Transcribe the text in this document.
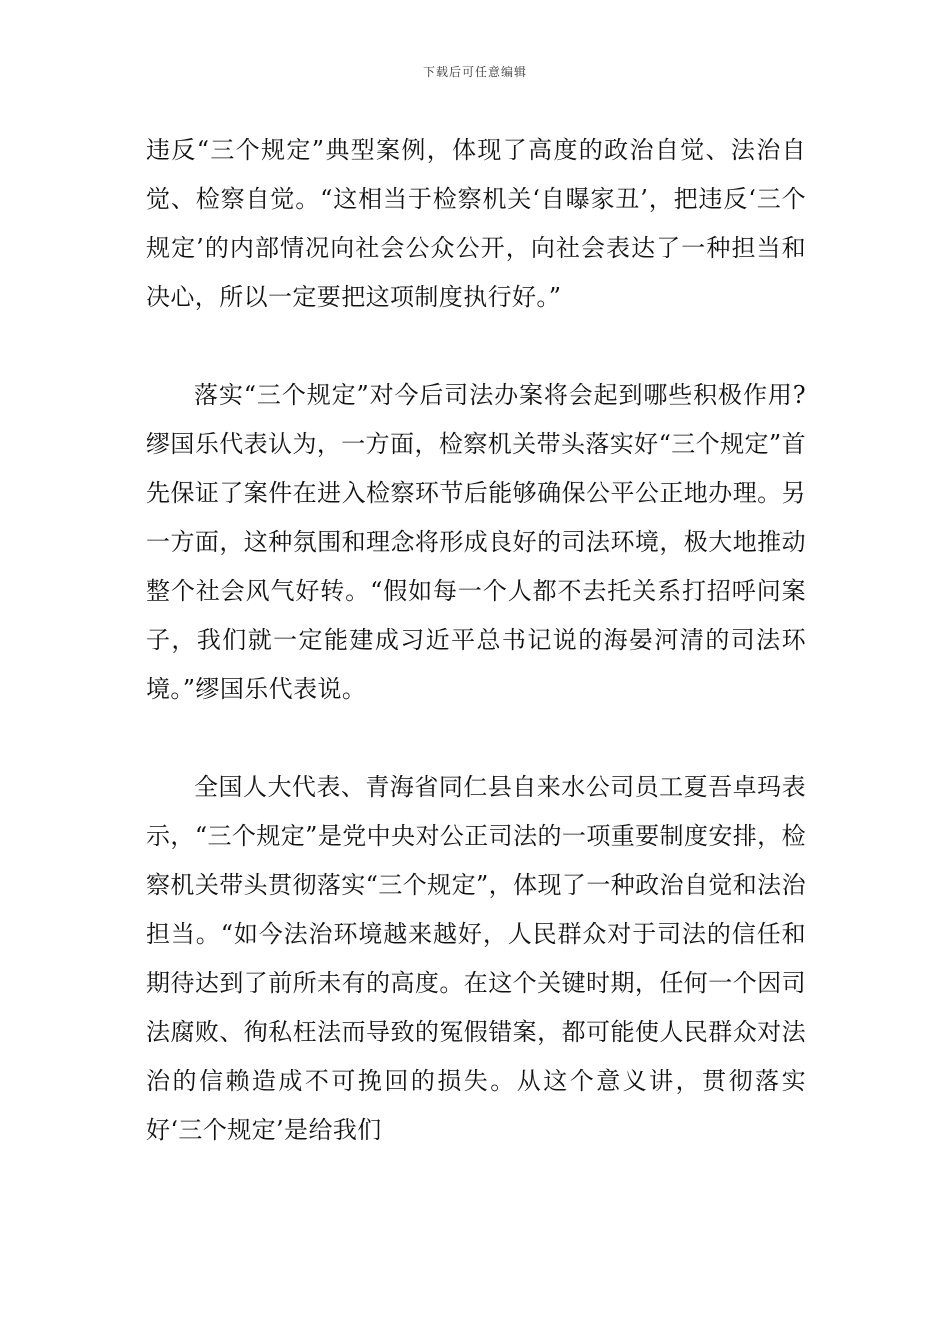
下载后可任意编辑

违反“三个规定”典型案例，体现了高度的政治自觉、法治自觉、检察自觉。“这相当于检察机关‘自曝家丑’，把违反‘三个规定’的内部情况向社会公众公开，向社会表达了一种担当和决心，所以一定要把这项制度执行好。”

落实“三个规定”对今后司法办案将会起到哪些积极作用?缪国乐代表认为，一方面，检察机关带头落实好“三个规定”首先保证了案件在进入检察环节后能够确保公平公正地办理。另一方面，这种氛围和理念将形成良好的司法环境，极大地推动整个社会风气好转。“假如每一个人都不去托关系打招呼问案子，我们就一定能建成习近平总书记说的海晏河清的司法环境。”缪国乐代表说。

全国人大代表、青海省同仁县自来水公司员工夏吾卓玛表示，“三个规定”是党中央对公正司法的一项重要制度安排，检察机关带头贯彻落实“三个规定”，体现了一种政治自觉和法治担当。“如今法治环境越来越好，人民群众对于司法的信任和期待达到了前所未有的高度。在这个关键时期，任何一个因司法腐败、徇私枉法而导致的冤假错案，都可能使人民群众对法治的信赖造成不可挽回的损失。从这个意义讲，贯彻落实好‘三个规定’是给我们
